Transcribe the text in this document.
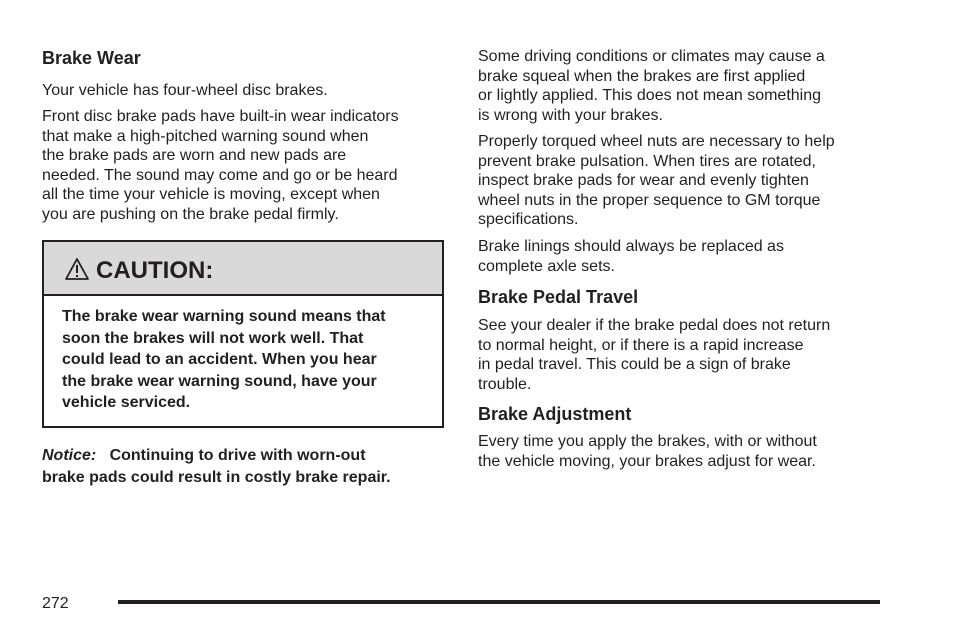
Brake Wear
Your vehicle has four-wheel disc brakes.
Front disc brake pads have built-in wear indicators
that make a high-pitched warning sound when
the brake pads are worn and new pads are
needed. The sound may come and go or be heard
all the time your vehicle is moving, except when
you are pushing on the brake pedal firmly.
CAUTION:
The brake wear warning sound means that
soon the brakes will not work well. That
could lead to an accident. When you hear
the brake wear warning sound, have your
vehicle serviced.
Notice: Continuing to drive with worn-out
brake pads could result in costly brake repair.
Some driving conditions or climates may cause a
brake squeal when the brakes are first applied
or lightly applied. This does not mean something
is wrong with your brakes.
Properly torqued wheel nuts are necessary to help
prevent brake pulsation. When tires are rotated,
inspect brake pads for wear and evenly tighten
wheel nuts in the proper sequence to GM torque
specifications.
Brake linings should always be replaced as
complete axle sets.
Brake Pedal Travel
See your dealer if the brake pedal does not return
to normal height, or if there is a rapid increase
in pedal travel. This could be a sign of brake
trouble.
Brake Adjustment
Every time you apply the brakes, with or without
the vehicle moving, your brakes adjust for wear.
272
